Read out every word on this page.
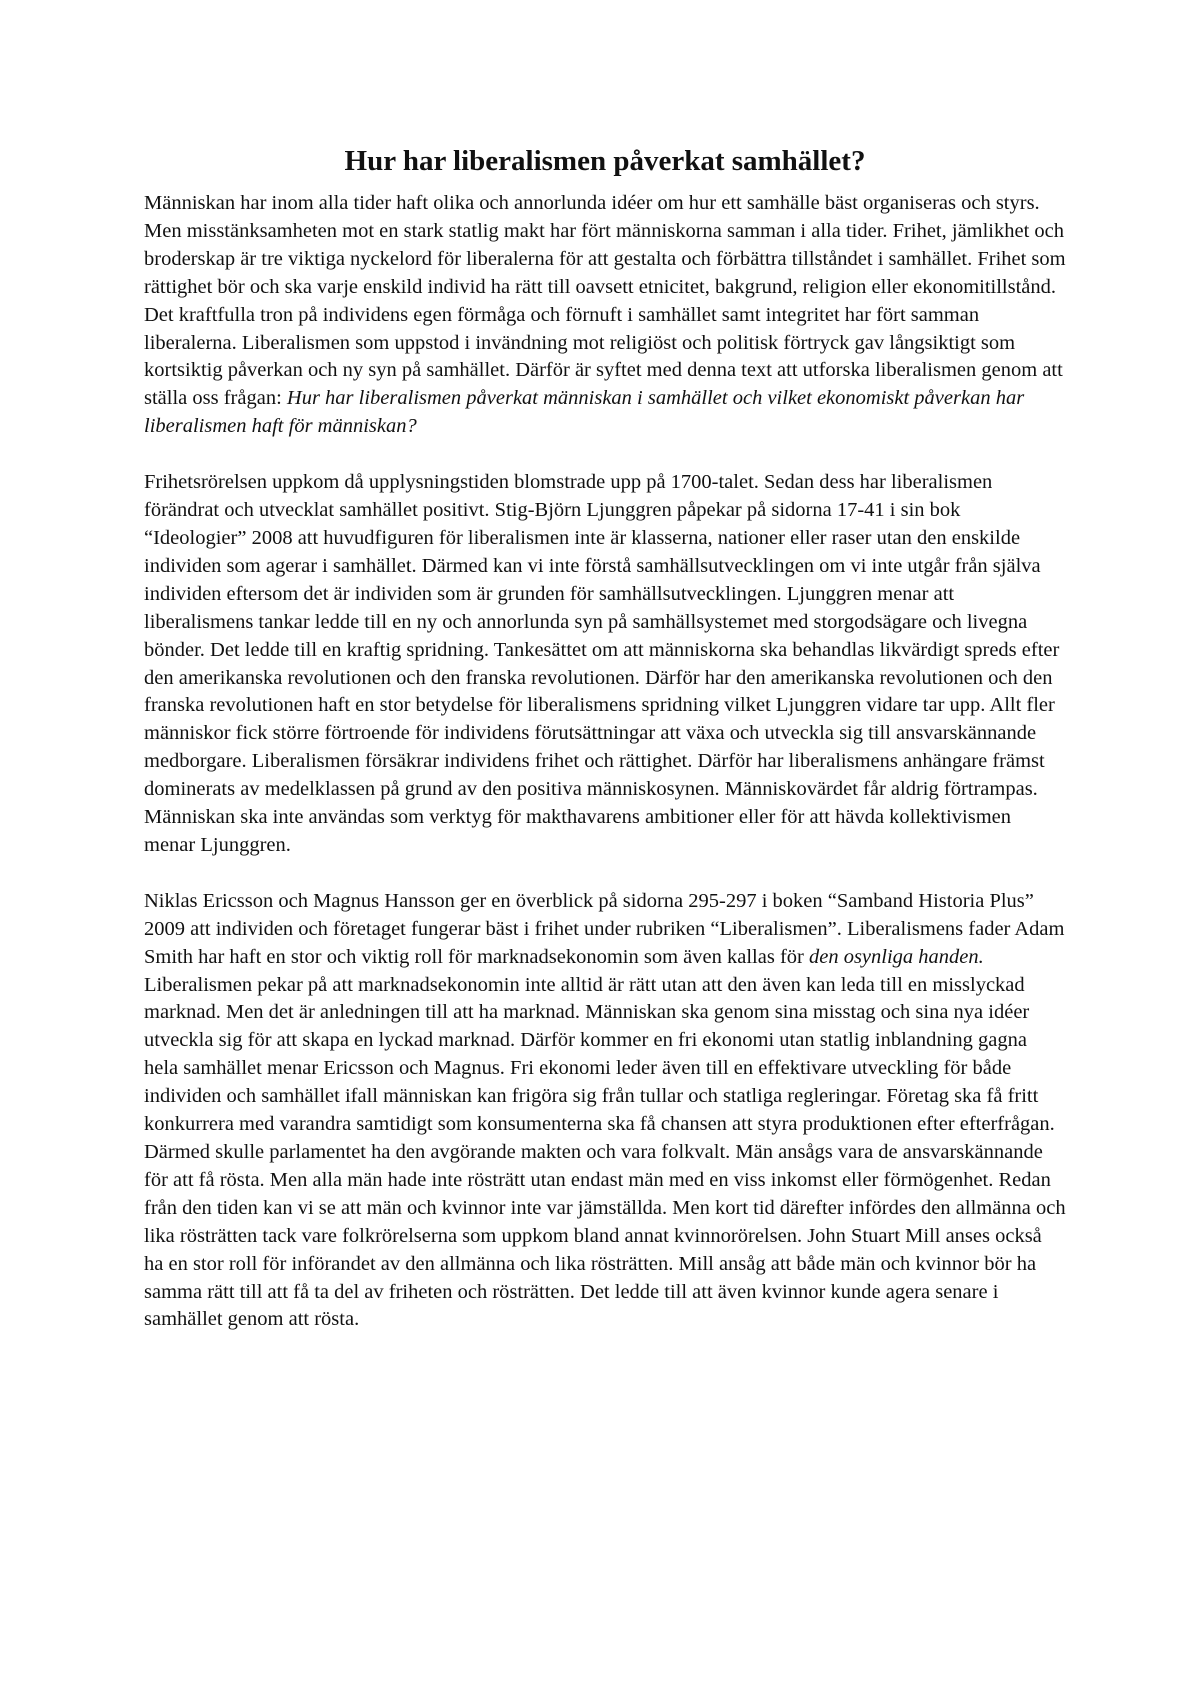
Hur har liberalismen påverkat samhället?

Människan har inom alla tider haft olika och annorlunda idéer om hur ett samhälle bäst organiseras och styrs. Men misstänksamheten mot en stark statlig makt har fört människorna samman i alla tider. Frihet, jämlikhet och broderskap är tre viktiga nyckelord för liberalerna för att gestalta och förbättra tillståndet i samhället. Frihet som rättighet bör och ska varje enskild individ ha rätt till oavsett etnicitet, bakgrund, religion eller ekonomitillstånd. Det kraftfulla tron på individens egen förmåga och förnuft i samhället samt integritet har fört samman liberalerna. Liberalismen som uppstod i invändning mot religiöst och politisk förtryck gav långsiktigt som kortsiktig påverkan och ny syn på samhället. Därför är syftet med denna text att utforska liberalismen genom att ställa oss frågan: Hur har liberalismen påverkat människan i samhället och vilket ekonomiskt påverkan har liberalismen haft för människan?

Frihetsrörelsen uppkom då upplysningstiden blomstrade upp på 1700-talet. Sedan dess har liberalismen förändrat och utvecklat samhället positivt. Stig-Björn Ljunggren påpekar på sidorna 17-41 i sin bok “Ideologier” 2008 att huvudfiguren för liberalismen inte är klasserna, nationer eller raser utan den enskilde individen som agerar i samhället. Därmed kan vi inte förstå samhällsutvecklingen om vi inte utgår från själva individen eftersom det är individen som är grunden för samhällsutvecklingen. Ljunggren menar att liberalismens tankar ledde till en ny och annorlunda syn på samhällsystemet med storgodsägare och livegna bönder. Det ledde till en kraftig spridning. Tankesättet om att människorna ska behandlas likvärdigt spreds efter den amerikanska revolutionen och den franska revolutionen. Därför har den amerikanska revolutionen och den franska revolutionen haft en stor betydelse för liberalismens spridning vilket Ljunggren vidare tar upp. Allt fler människor fick större förtroende för individens förutsättningar att växa och utveckla sig till ansvarskännande medborgare. Liberalismen försäkrar individens frihet och rättighet. Därför har liberalismens anhängare främst dominerats av medelklassen på grund av den positiva människosynen. Människovärdet får aldrig förtrampas. Människan ska inte användas som verktyg för makthavarens ambitioner eller för att hävda kollektivismen menar Ljunggren.

Niklas Ericsson och Magnus Hansson ger en överblick på sidorna 295-297 i boken “Samband Historia Plus” 2009 att individen och företaget fungerar bäst i frihet under rubriken “Liberalismen”. Liberalismens fader Adam Smith har haft en stor och viktig roll för marknadsekonomin som även kallas för den osynliga handen. Liberalismen pekar på att marknadsekonomin inte alltid är rätt utan att den även kan leda till en misslyckad marknad. Men det är anledningen till att ha marknad. Människan ska genom sina misstag och sina nya idéer utveckla sig för att skapa en lyckad marknad. Därför kommer en fri ekonomi utan statlig inblandning gagna hela samhället menar Ericsson och Magnus. Fri ekonomi leder även till en effektivare utveckling för både individen och samhället ifall människan kan frigöra sig från tullar och statliga regleringar. Företag ska få fritt konkurrera med varandra samtidigt som konsumenterna ska få chansen att styra produktionen efter efterfrågan. Därmed skulle parlamentet ha den avgörande makten och vara folkvalt. Män ansågs vara de ansvarskännande för att få rösta. Men alla män hade inte rösträtt utan endast män med en viss inkomst eller förmögenhet. Redan från den tiden kan vi se att män och kvinnor inte var jämställda. Men kort tid därefter infördes den allmänna och lika rösträtten tack vare folkrörelserna som uppkom bland annat kvinnorörelsen. John Stuart Mill anses också ha en stor roll för införandet av den allmänna och lika rösträtten. Mill ansåg att både män och kvinnor bör ha samma rätt till att få ta del av friheten och rösträtten. Det ledde till att även kvinnor kunde agera senare i samhället genom att rösta.
